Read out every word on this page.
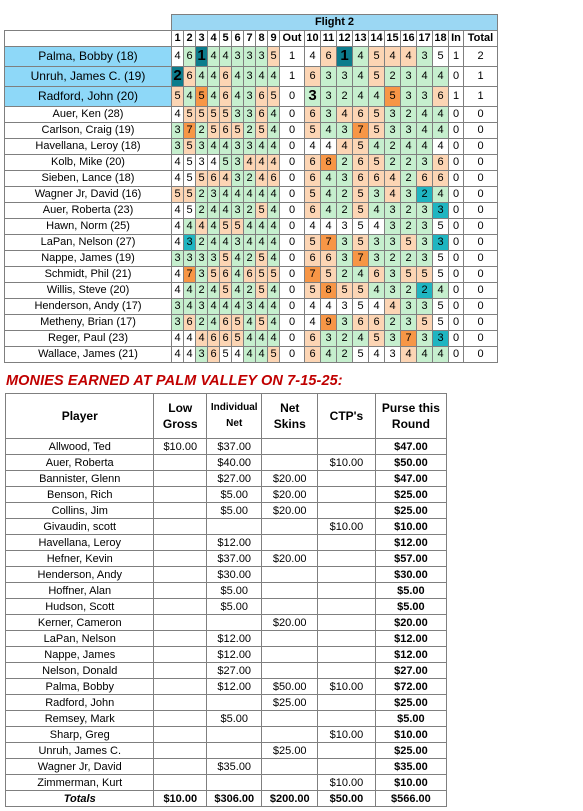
	Flight 2																				
	1	2	3	4	5	6	7	8	9	Out	10	11	12	13	14	15	16	17	18	In	Total
Palma, Bobby (18)	4	6	1	4	4	3	3	3	5	1	4	6	1	4	5	4	4	3	5	1	2
Unruh, James C. (19)	2	6	4	4	6	4	3	4	4	1	6	3	3	4	5	2	3	4	4	0	1
Radford, John (20)	5	4	5	4	6	4	3	6	5	0	3	3	2	4	4	5	3	3	6	1	1
Auer, Ken (28)	4	5	5	5	5	3	3	6	4	0	6	3	4	6	5	3	2	4	4	0	0
Carlson, Craig (19)	3	7	2	5	6	5	2	5	4	0	5	4	3	7	5	3	3	4	4	0	0
Havellana, Leroy (18)	3	5	3	4	4	3	3	4	4	0	4	4	4	5	4	2	4	4	4	0	0
Kolb, Mike (20)	4	5	3	4	5	3	4	4	4	0	6	8	2	6	5	2	2	3	6	0	0
Sieben, Lance (18)	4	5	5	6	4	3	2	4	6	0	6	4	3	6	6	4	2	6	6	0	0
Wagner Jr, David (16)	5	5	2	3	4	4	4	4	4	0	5	4	2	5	3	4	3	2	4	0	0
Auer, Roberta (23)	4	5	2	4	4	3	2	5	4	0	6	4	2	5	4	3	2	3	3	0	0
Hawn, Norm (25)	4	4	4	4	5	5	4	4	4	0	4	4	3	5	4	3	2	3	5	0	0
LaPan, Nelson (27)	4	3	2	4	4	3	4	4	4	0	5	7	3	5	3	3	5	3	3	0	0
Nappe, James (19)	3	3	3	3	5	4	2	5	4	0	6	6	3	7	3	2	2	3	5	0	0
Schmidt, Phil (21)	4	7	3	5	6	4	6	5	5	0	7	5	2	4	6	3	5	5	5	0	0
Willis, Steve (20)	4	4	2	4	5	4	2	5	4	0	5	8	5	5	4	3	2	2	4	0	0
Henderson, Andy (17)	3	4	3	4	4	4	3	4	4	0	4	4	3	5	4	4	3	3	5	0	0
Metheny, Brian (17)	3	6	2	4	6	5	4	5	4	0	4	9	3	6	6	2	3	5	5	0	0
Reger, Paul (23)	4	4	4	6	6	5	4	4	4	0	6	3	2	4	5	3	7	3	3	0	0
Wallace, James (21)	4	4	3	6	5	4	4	4	5	0	6	4	2	5	4	3	4	4	4	0	0
MONIES EARNED AT PALM VALLEY ON 7-15-25:
Player	Low Gross	Individual Net	Net Skins	CTP's	Purse this Round
Allwood, Ted	$10.00	$37.00			$47.00
Auer, Roberta		$40.00		$10.00	$50.00
Bannister, Glenn		$27.00	$20.00		$47.00
Benson, Rich		$5.00	$20.00		$25.00
Collins, Jim		$5.00	$20.00		$25.00
Givaudin, scott				$10.00	$10.00
Havellana, Leroy		$12.00			$12.00
Hefner, Kevin		$37.00	$20.00		$57.00
Henderson, Andy		$30.00			$30.00
Hoffner, Alan		$5.00			$5.00
Hudson, Scott		$5.00			$5.00
Kerner, Cameron			$20.00		$20.00
LaPan, Nelson		$12.00			$12.00
Nappe, James		$12.00			$12.00
Nelson, Donald		$27.00			$27.00
Palma, Bobby		$12.00	$50.00	$10.00	$72.00
Radford, John			$25.00		$25.00
Remsey, Mark		$5.00			$5.00
Sharp, Greg				$10.00	$10.00
Unruh, James C.			$25.00		$25.00
Wagner Jr, David		$35.00			$35.00
Zimmerman, Kurt				$10.00	$10.00
Totals	$10.00	$306.00	$200.00	$50.00	$566.00
